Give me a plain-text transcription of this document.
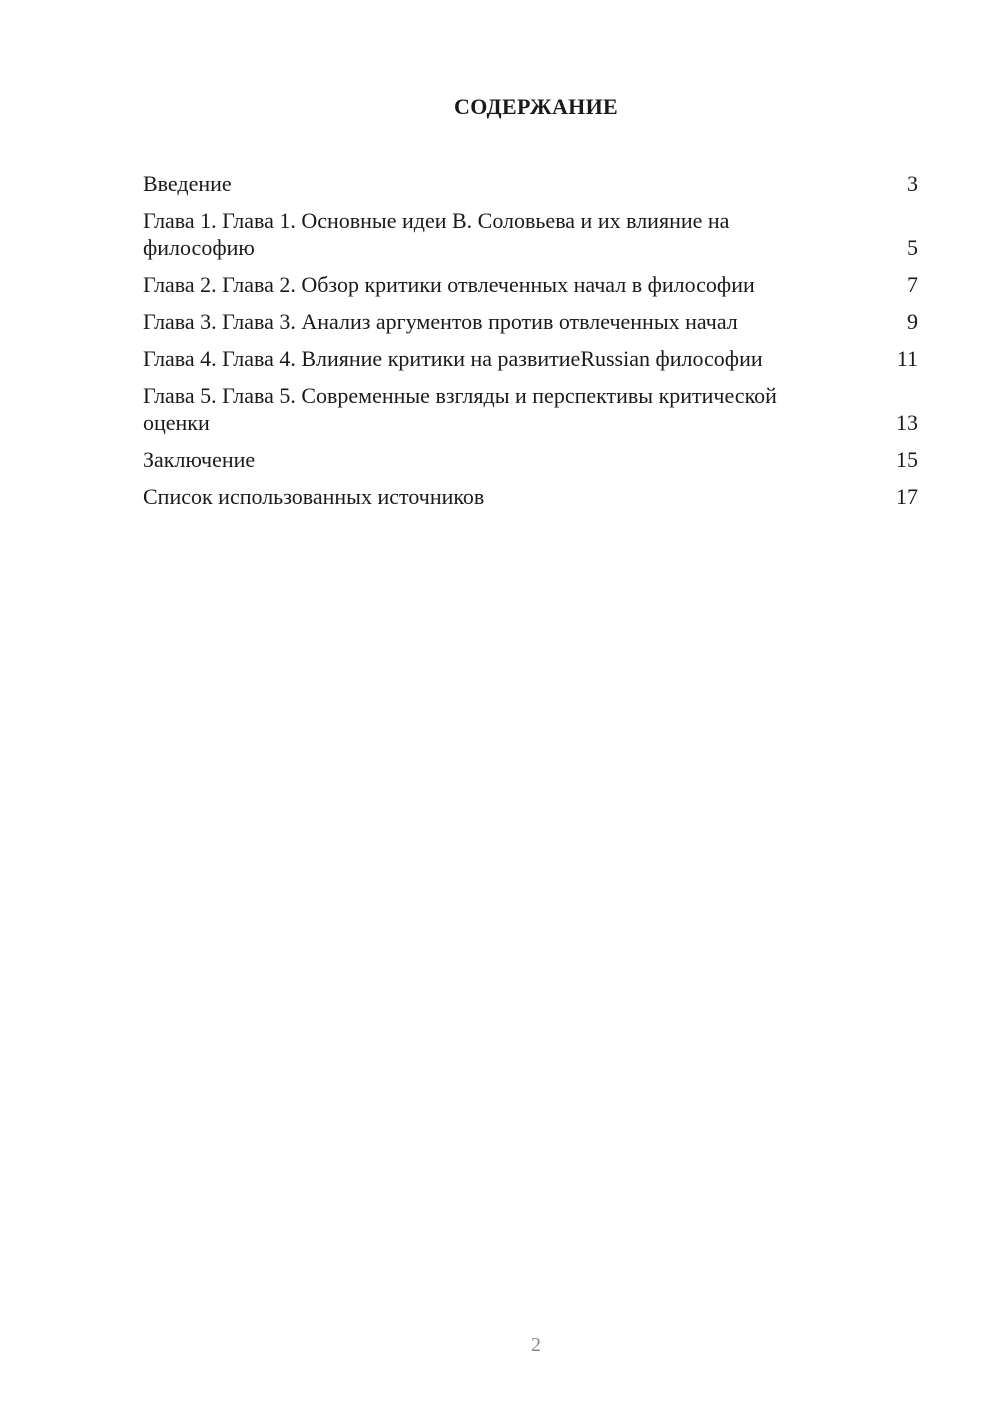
СОДЕРЖАНИЕ
Введение	3
Глава 1. Глава 1. Основные идеи В. Соловьева и их влияние на философию	5
Глава 2. Глава 2. Обзор критики отвлеченных начал в философии	7
Глава 3. Глава 3. Анализ аргументов против отвлеченных начал	9
Глава 4. Глава 4. Влияние критики на развитиеRussian философии	11
Глава 5. Глава 5. Современные взгляды и перспективы критической оценки	13
Заключение	15
Список использованных источников	17
2
